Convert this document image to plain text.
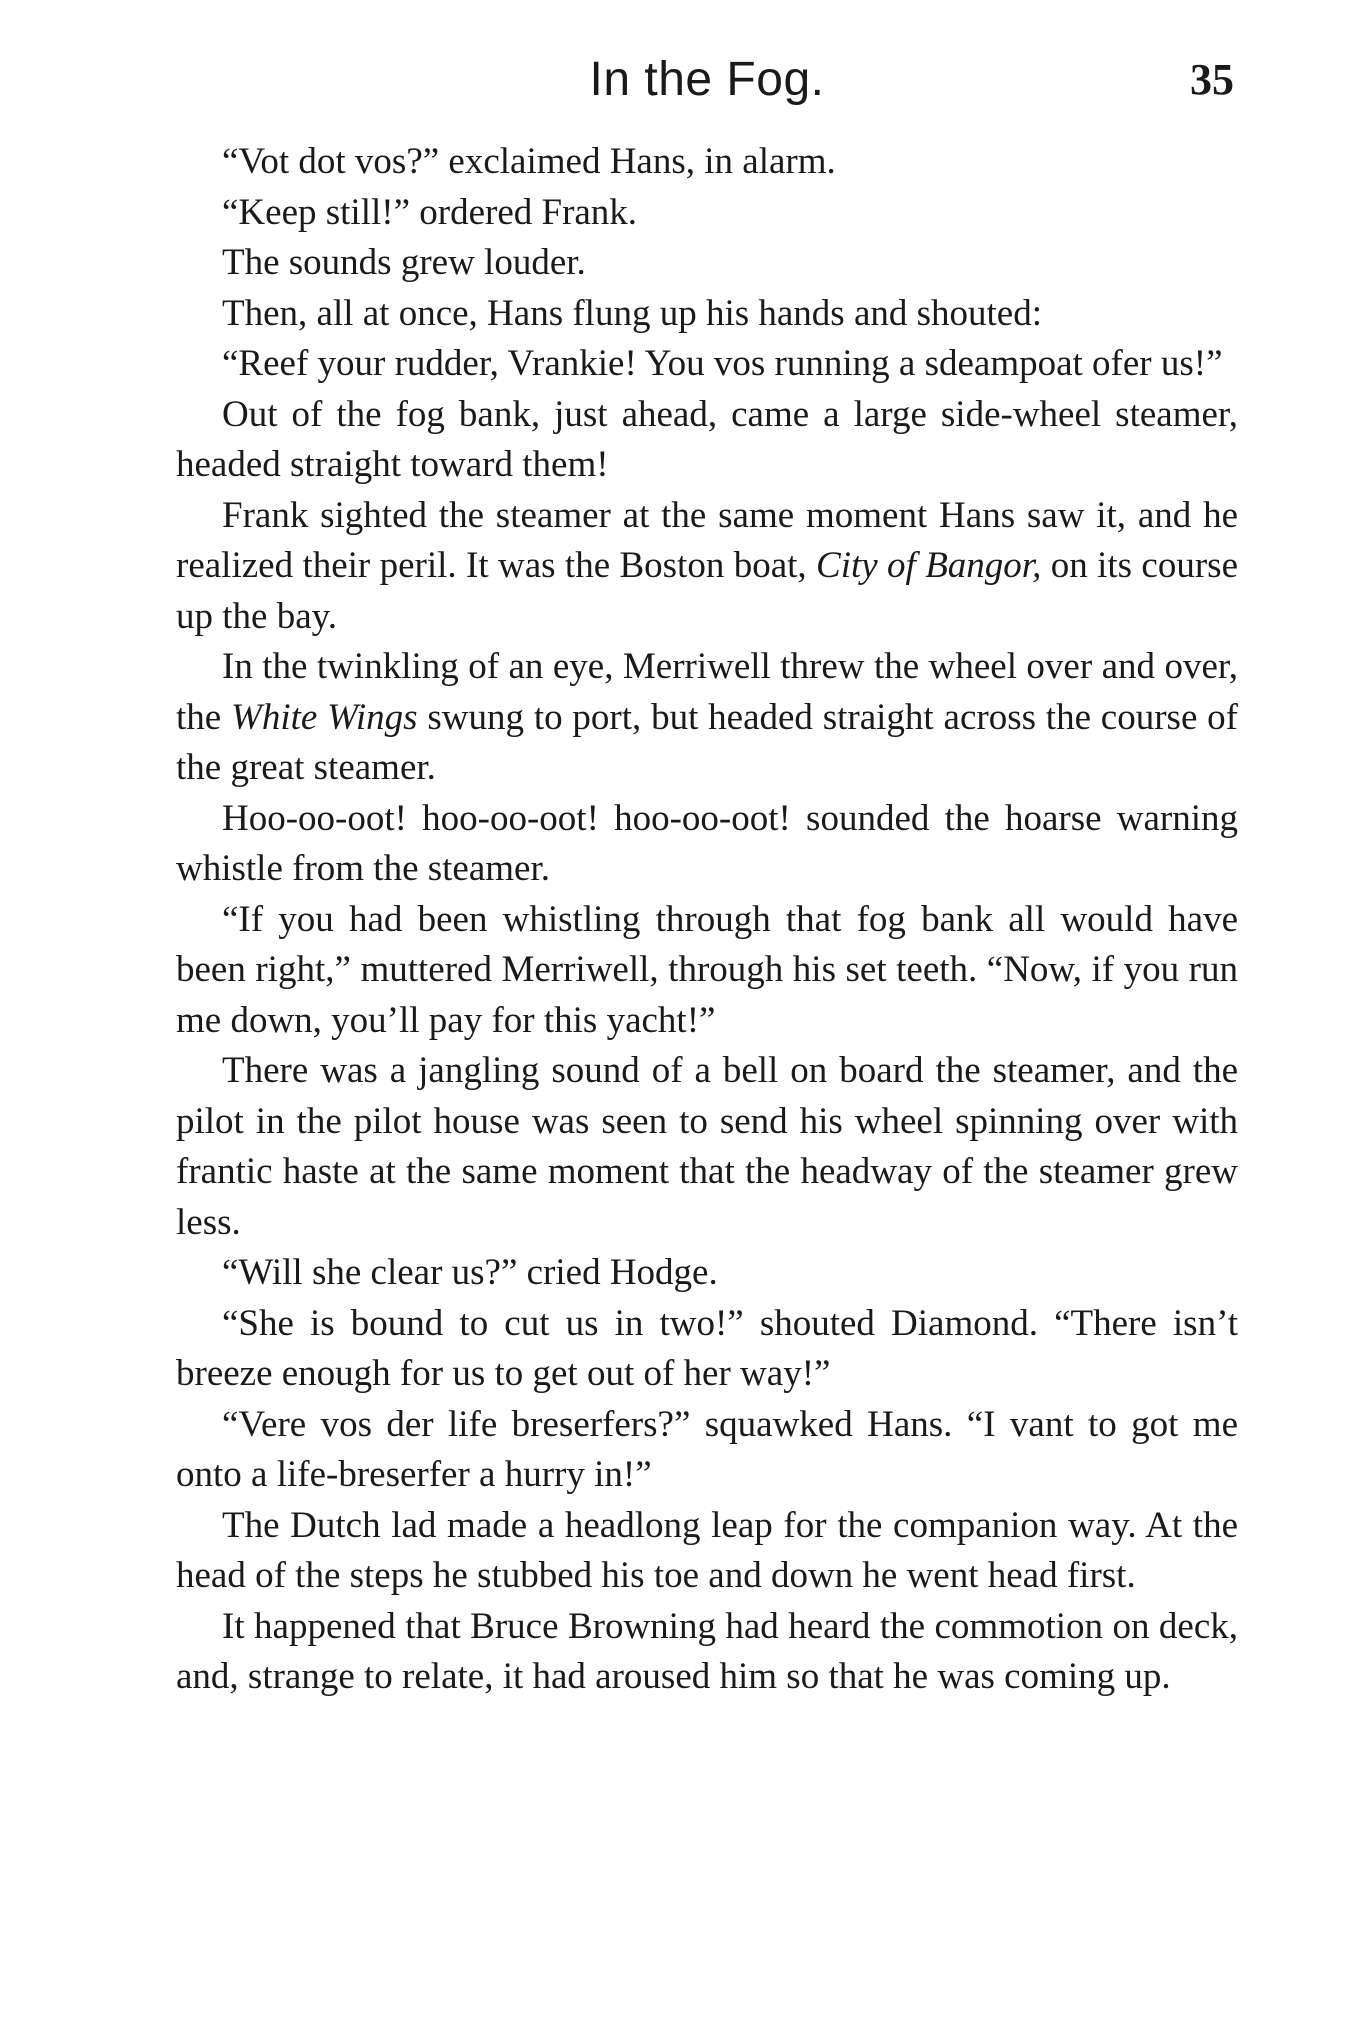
In the Fog.	35

“Vot dot vos?” exclaimed Hans, in alarm.

“Keep still!” ordered Frank.

The sounds grew louder.

Then, all at once, Hans flung up his hands and shouted:

“Reef your rudder, Vrankie! You vos running a sdeampoat ofer us!”

Out of the fog bank, just ahead, came a large side-wheel steamer, headed straight toward them!

Frank sighted the steamer at the same moment Hans saw it, and he realized their peril. It was the Boston boat, City of Bangor, on its course up the bay.

In the twinkling of an eye, Merriwell threw the wheel over and over, the White Wings swung to port, but headed straight across the course of the great steamer.

Hoo-oo-oot! hoo-oo-oot! hoo-oo-oot! sounded the hoarse warning whistle from the steamer.

“If you had been whistling through that fog bank all would have been right,” muttered Merriwell, through his set teeth. “Now, if you run me down, you’ll pay for this yacht!”

There was a jangling sound of a bell on board the steamer, and the pilot in the pilot house was seen to send his wheel spinning over with frantic haste at the same moment that the headway of the steamer grew less.

“Will she clear us?” cried Hodge.

“She is bound to cut us in two!” shouted Diamond. “There isn’t breeze enough for us to get out of her way!”

“Vere vos der life breserfers?” squawked Hans. “I vant to got me onto a life-breserfer a hurry in!”

The Dutch lad made a headlong leap for the companion way. At the head of the steps he stubbed his toe and down he went head first.

It happened that Bruce Browning had heard the commotion on deck, and, strange to relate, it had aroused him so that he was coming up.
